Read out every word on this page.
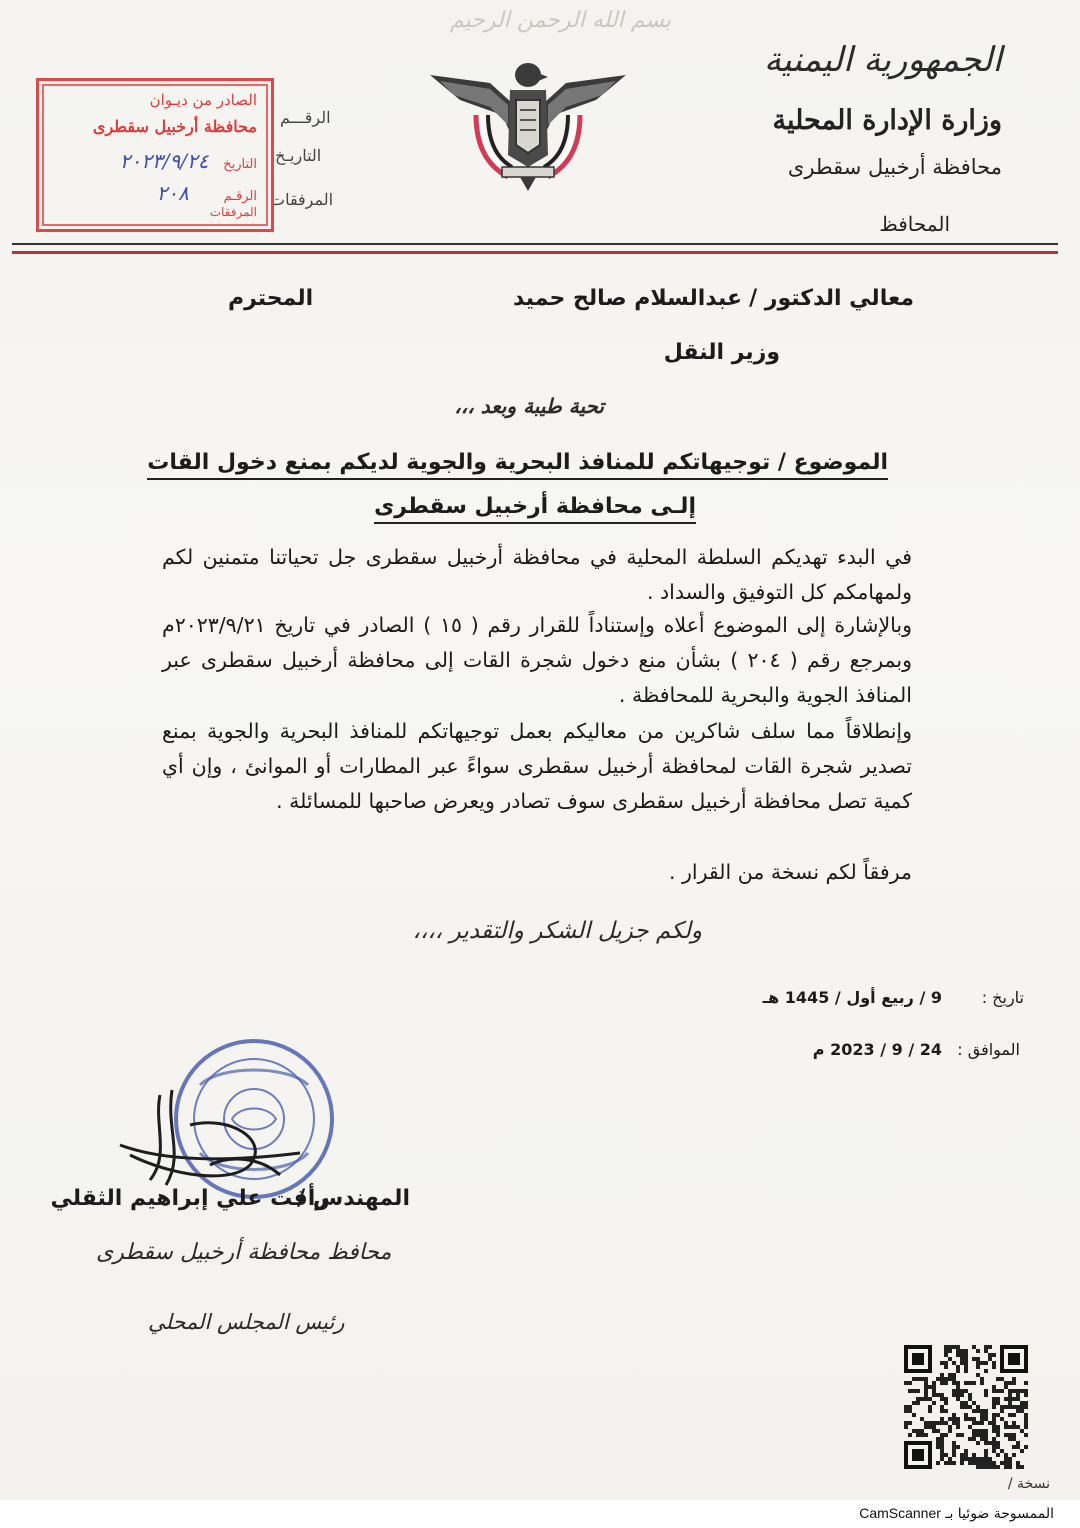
بسم الله الرحمن الرحيم
الجمهورية اليمنية
وزارة الإدارة المحلية
محافظة أرخبيل سقطرى
المحافظ
الرقـــم
التاريـخ
المرفقات
الصادر من ديـوان
محافظة أرخبيل سقطرى
التاريخ ٢٠٢٣/٩/٢٤
الرقـم ٢٠٨
المرفقات
معالي الدكتور /
عبدالسلام صالح حميد
المحترم
وزير النقل
تحية طيبة وبعد ،،،
الموضوع / توجيهاتكم للمنافذ البحرية والجوية لديكم بمنع دخول القات
إلـى محافظة أرخبيل سقطرى
في البدء تهديكم السلطة المحلية في محافظة أرخبيل سقطرى جل تحياتنا متمنين لكم ولمهامكم كل التوفيق والسداد .
وبالإشارة إلى الموضوع أعلاه وإستناداً للقرار رقم ( ١٥ ) الصادر في تاريخ ٢٠٢٣/٩/٢١م وبمرجع رقم ( ٢٠٤ ) بشأن منع دخول شجرة القات إلى محافظة أرخبيل سقطرى عبر المنافذ الجوية والبحرية للمحافظة .
وإنطلاقاً مما سلف شاكرين من معاليكم بعمل توجيهاتكم للمنافذ البحرية والجوية بمنع تصدير شجرة القات لمحافظة أرخبيل سقطرى سواءً عبر المطارات أو الموانئ ، وإن أي كمية تصل محافظة أرخبيل سقطرى سوف تصادر ويعرض صاحبها للمسائلة .
مرفقاً لكم نسخة من القرار .
ولكم جزيل الشكر والتقدير ،،،،
تاريخ :
9 / ربيع أول / 1445 هـ
الموافق :
24 / 9 / 2023 م
المهندس /
رأفت علي إبراهيم الثقلي
محافظ محافظة أرخبيل سقطرى
رئيس المجلس المحلي
نسخة /
الممسوحة ضوئيا بـ CamScanner
